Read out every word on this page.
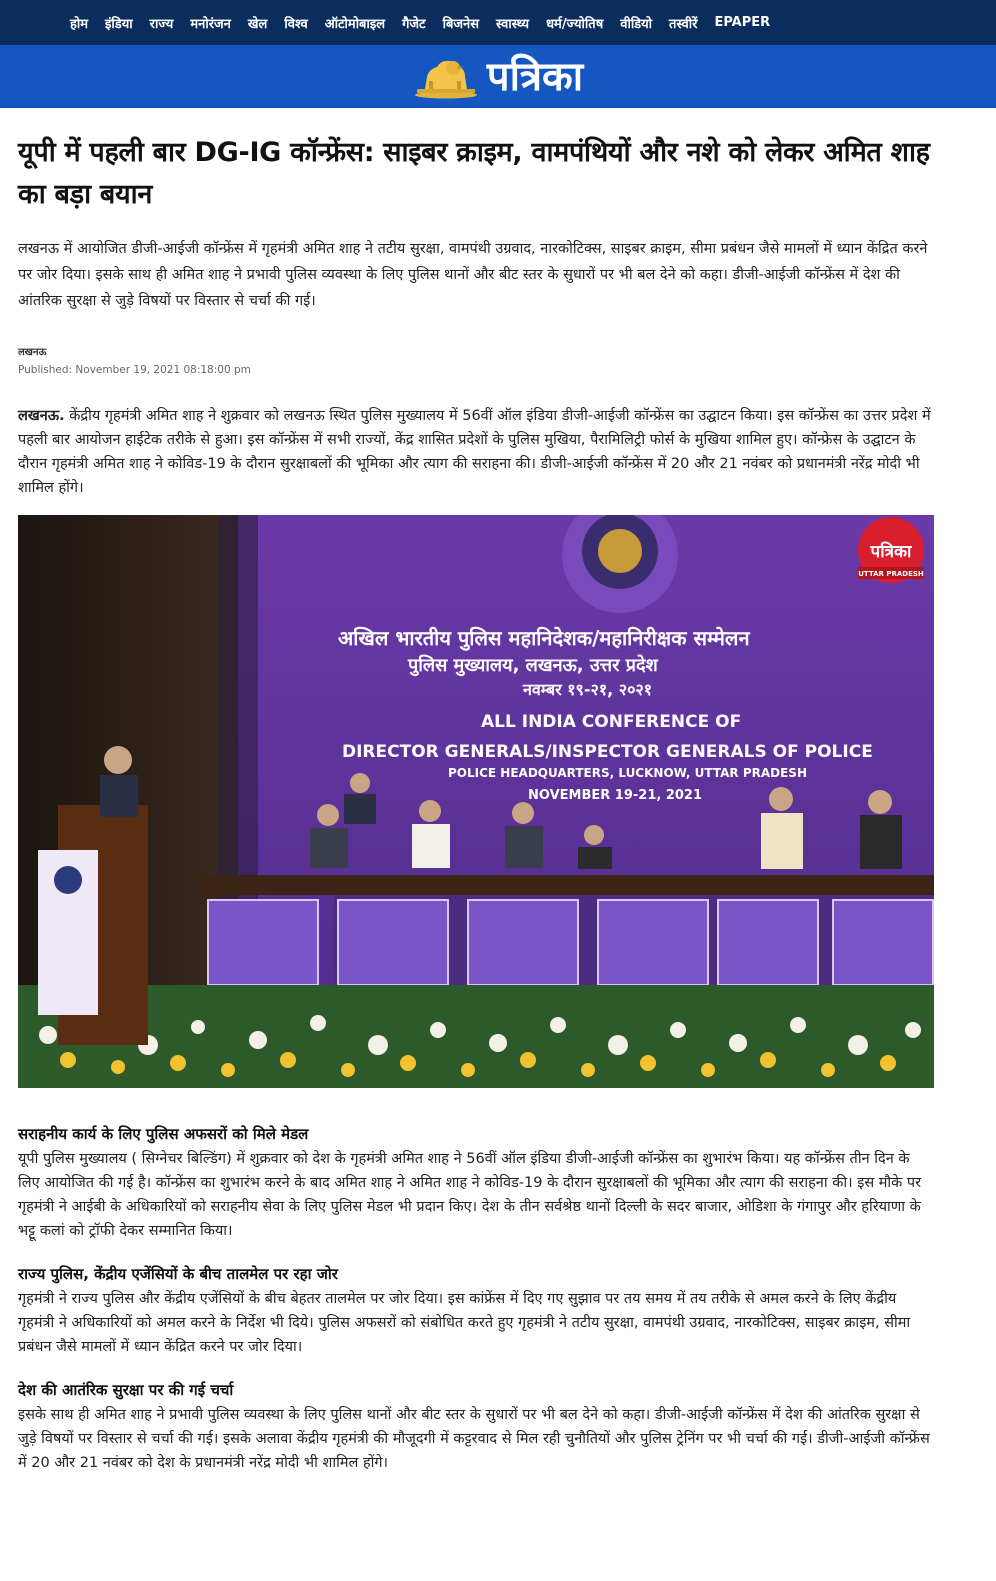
होम इंडिया राज्य मनोरंजन खेल विश्व ऑटोमोबाइल गैजेट बिजनेस स्वास्थ्य धर्म/ज्योतिष वीडियो तस्वीरें EPAPER
पत्रिका
यूपी में पहली बार DG-IG कॉन्फ्रेंस: साइबर क्राइम, वामपंथियों और नशे को लेकर अमित शाह का बड़ा बयान
लखनऊ में आयोजित डीजी-आईजी कॉन्फ्रेंस में गृहमंत्री अमित शाह ने तटीय सुरक्षा, वामपंथी उग्रवाद, नारकोटिक्स, साइबर क्राइम, सीमा प्रबंधन जैसे मामलों में ध्यान केंद्रित करने पर जोर दिया। इसके साथ ही अमित शाह ने प्रभावी पुलिस व्यवस्था के लिए पुलिस थानों और बीट स्तर के सुधारों पर भी बल देने को कहा। डीजी-आईजी कॉन्फ्रेंस में देश की आंतरिक सुरक्षा से जुड़े विषयों पर विस्तार से चर्चा की गई।
लखनऊ
Published: November 19, 2021 08:18:00 pm
लखनऊ. केंद्रीय गृहमंत्री अमित शाह ने शुक्रवार को लखनऊ स्थित पुलिस मुख्यालय में 56वीं ऑल इंडिया डीजी-आईजी कॉन्फ्रेंस का उद्घाटन किया। इस कॉन्फ्रेंस का उत्तर प्रदेश में पहली बार आयोजन हाईटेक तरीके से हुआ। इस कॉन्फ्रेंस में सभी राज्यों, केंद्र शासित प्रदेशों के पुलिस मुखिया, पैरामिलिट्री फोर्स के मुखिया शामिल हुए। कॉन्फ्रेस के उद्घाटन के दौरान गृहमंत्री अमित शाह ने कोविड-19 के दौरान सुरक्षाबलों की भूमिका और त्याग की सराहना की। डीजी-आईजी कॉन्फ्रेंस में 20 और 21 नवंबर को प्रधानमंत्री नरेंद्र मोदी भी शामिल होंगे।
पत्रिका
UTTAR PRADESH
अखिल भारतीय पुलिस महानिदेशक/महानिरीक्षक सम्मेलन
पुलिस मुख्यालय, लखनऊ, उत्तर प्रदेश
नवम्बर १९-२१, २०२१
ALL INDIA CONFERENCE OF
DIRECTOR GENERALS/INSPECTOR GENERALS OF POLICE
POLICE HEADQUARTERS, LUCKNOW, UTTAR PRADESH
NOVEMBER 19-21, 2021
सराहनीय कार्य के लिए पुलिस अफसरों को मिले मेडल

यूपी पुलिस मुख्यालय ( सिग्नेचर बिल्डिंग) में शुक्रवार को देश के गृहमंत्री अमित शाह ने 56वीं ऑल इंडिया डीजी-आईजी कॉन्फ्रेंस का शुभारंभ किया। यह कॉन्फ्रेंस तीन दिन के लिए आयोजित की गई है। कॉन्फ्रेंस का शुभारंभ करने के बाद अमित शाह ने अमित शाह ने कोविड-19 के दौरान सुरक्षाबलों की भूमिका और त्याग की सराहना की। इस मौके पर गृहमंत्री ने आईबी के अधिकारियों को सराहनीय सेवा के लिए पुलिस मेडल भी प्रदान किए। देश के तीन सर्वश्रेष्ठ थानों दिल्ली के सदर बाजार, ओडिशा के गंगापुर और हरियाणा के भट्टू कलां को ट्रॉफी देकर सम्मानित किया।

राज्य पुलिस, केंद्रीय एजेंसियों के बीच तालमेल पर रहा जोर

गृहमंत्री ने राज्य पुलिस और केंद्रीय एजेंसियों के बीच बेहतर तालमेल पर जोर दिया। इस कांफ्रेंस में दिए गए सुझाव पर तय समय में तय तरीके से अमल करने के लिए केंद्रीय गृहमंत्री ने अधिकारियों को अमल करने के निर्देश भी दिये। पुलिस अफसरों को संबोधित करते हुए गृहमंत्री ने तटीय सुरक्षा, वामपंथी उग्रवाद, नारकोटिक्स, साइबर क्राइम, सीमा प्रबंधन जैसे मामलों में ध्यान केंद्रित करने पर जोर दिया।

देश की आतंरिक सुरक्षा पर की गई चर्चा

इसके साथ ही अमित शाह ने प्रभावी पुलिस व्यवस्था के लिए पुलिस थानों और बीट स्तर के सुधारों पर भी बल देने को कहा। डीजी-आईजी कॉन्फ्रेंस में देश की आंतरिक सुरक्षा से जुड़े विषयों पर विस्तार से चर्चा की गई। इसके अलावा केंद्रीय गृहमंत्री की मौजूदगी में कट्टरवाद से मिल रही चुनौतियों और पुलिस ट्रेनिंग पर भी चर्चा की गई। डीजी-आईजी कॉन्फ्रेंस में 20 और 21 नवंबर को देश के प्रधानमंत्री नरेंद्र मोदी भी शामिल होंगे।
